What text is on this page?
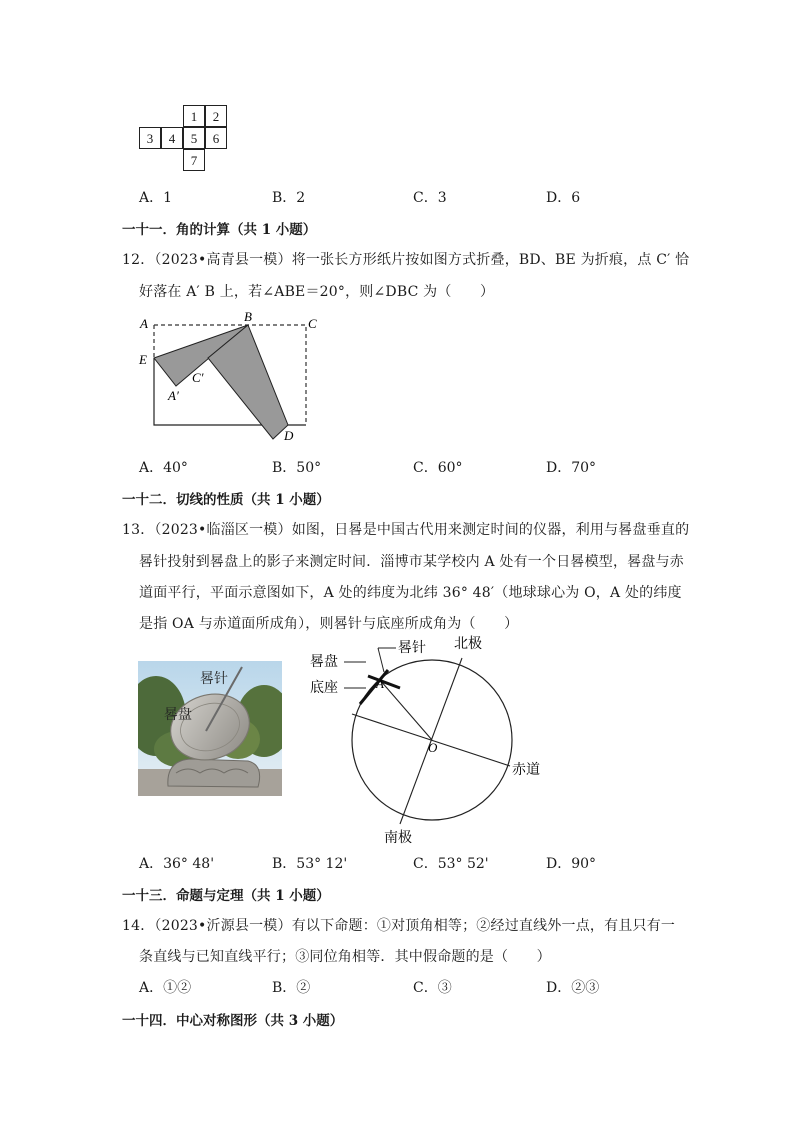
1	2
3	4	5	6
7
A．1	B．2	C．3	D．6
一十一．角的计算（共 1 小题）
12．（2023•高青县一模）将一张长方形纸片按如图方式折叠，BD、BE 为折痕，点 C′ 恰
好落在 A′ B 上，若∠ABE＝20°，则∠DBC 为（　　）
A	B	C
E
C′
A′
D
A．40°	B．50°	C．60°	D．70°
一十二．切线的性质（共 1 小题）
13．（2023•临淄区一模）如图，日晷是中国古代用来测定时间的仪器，利用与晷盘垂直的
晷针投射到晷盘上的影子来测定时间．淄博市某学校内 A 处有一个日晷模型，晷盘与赤
道面平行，平面示意图如下，A 处的纬度为北纬 36° 48′（地球球心为 O，A 处的纬度
是指 OA 与赤道面所成角），则晷针与底座所成角为（　　）
晷针
晷盘
晷盘
底座
晷针
A
O
北极
赤道
南极
A．36° 48'	B．53° 12'	C．53° 52'	D．90°
一十三．命题与定理（共 1 小题）
14．（2023•沂源县一模）有以下命题：①对顶角相等；②经过直线外一点，有且只有一
条直线与已知直线平行；③同位角相等．其中假命题的是（　　）
A．①②	B．②	C．③	D．②③
一十四．中心对称图形（共 3 小题）
